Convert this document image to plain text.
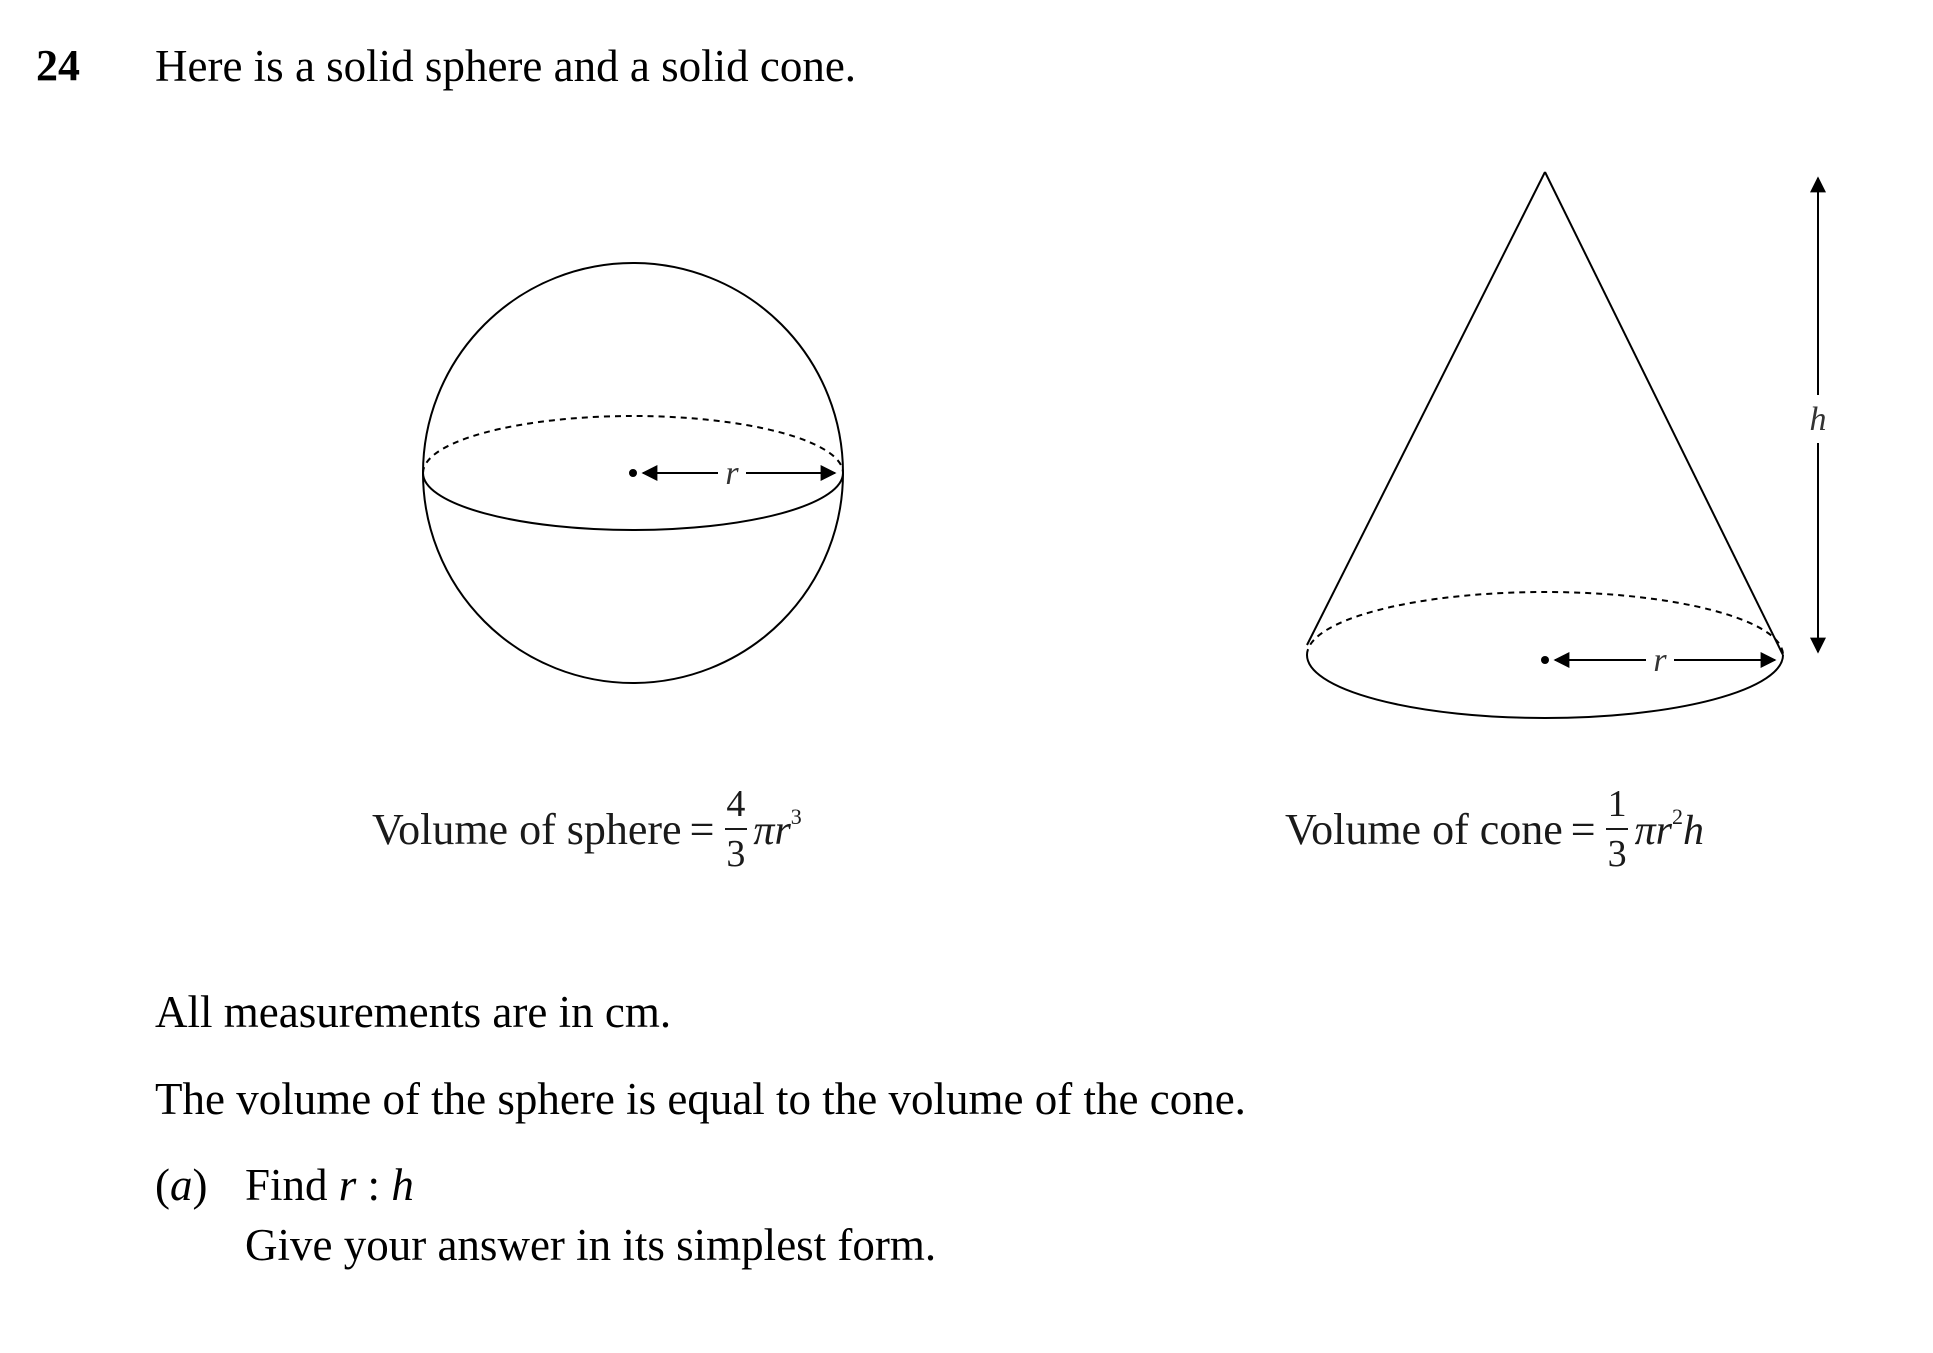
24 Here is a solid sphere and a solid cone.
r
r
h
Volume of sphere = $\frac{4}{3} \pi r^3$	Volume of cone = $\frac{1}{3} \pi r^2h$
All measurements are in cm.
The volume of the sphere is equal to the volume of the cone.
(a) Find r : h
Give your answer in its simplest form.
